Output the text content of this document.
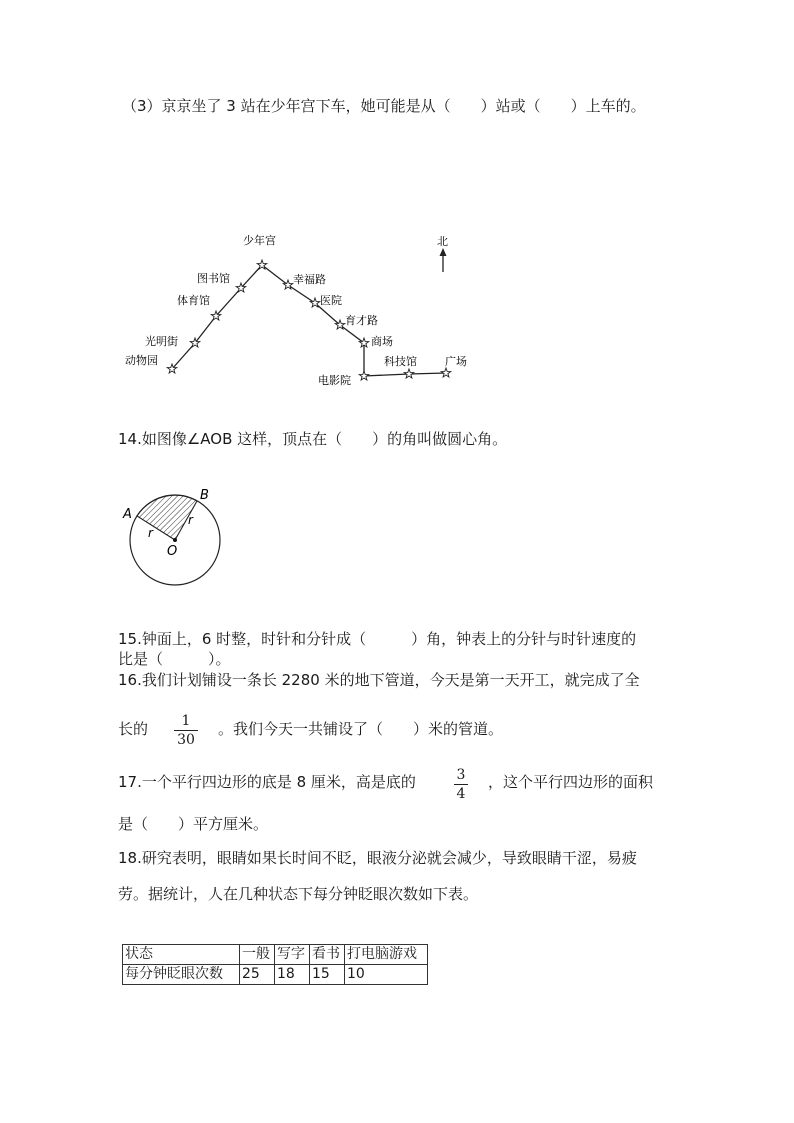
（3）京京坐了 3 站在少年宫下车，她可能是从（　　）站或（　　）上车的。
少年宫
图书馆	幸福路
体育馆	医院
育才路
光明街	商场
动物园
电影院
科技馆	广场
北
14.如图像∠AOB 这样，顶点在（　　）的角叫做圆心角。
A
B
O
r
r
15.钟面上，6 时整，时针和分针成（　　　）角，钟表上的分针与时针速度的
比是（　　　）。
16.我们计划铺设一条长 2280 米的地下管道，今天是第一天开工，就完成了全
长的	1
30
。我们今天一共铺设了（　　）米的管道。
17.一个平行四边形的底是 8 厘米，高是底的	3
4
，这个平行四边形的面积
是（　　）平方厘米。
18.研究表明，眼睛如果长时间不眨，眼液分泌就会减少，导致眼睛干涩，易疲
劳。据统计，人在几种状态下每分钟眨眼次数如下表。
状态	一般	写字	看书	打电脑游戏
每分钟眨眼次数	25	18	15	10
